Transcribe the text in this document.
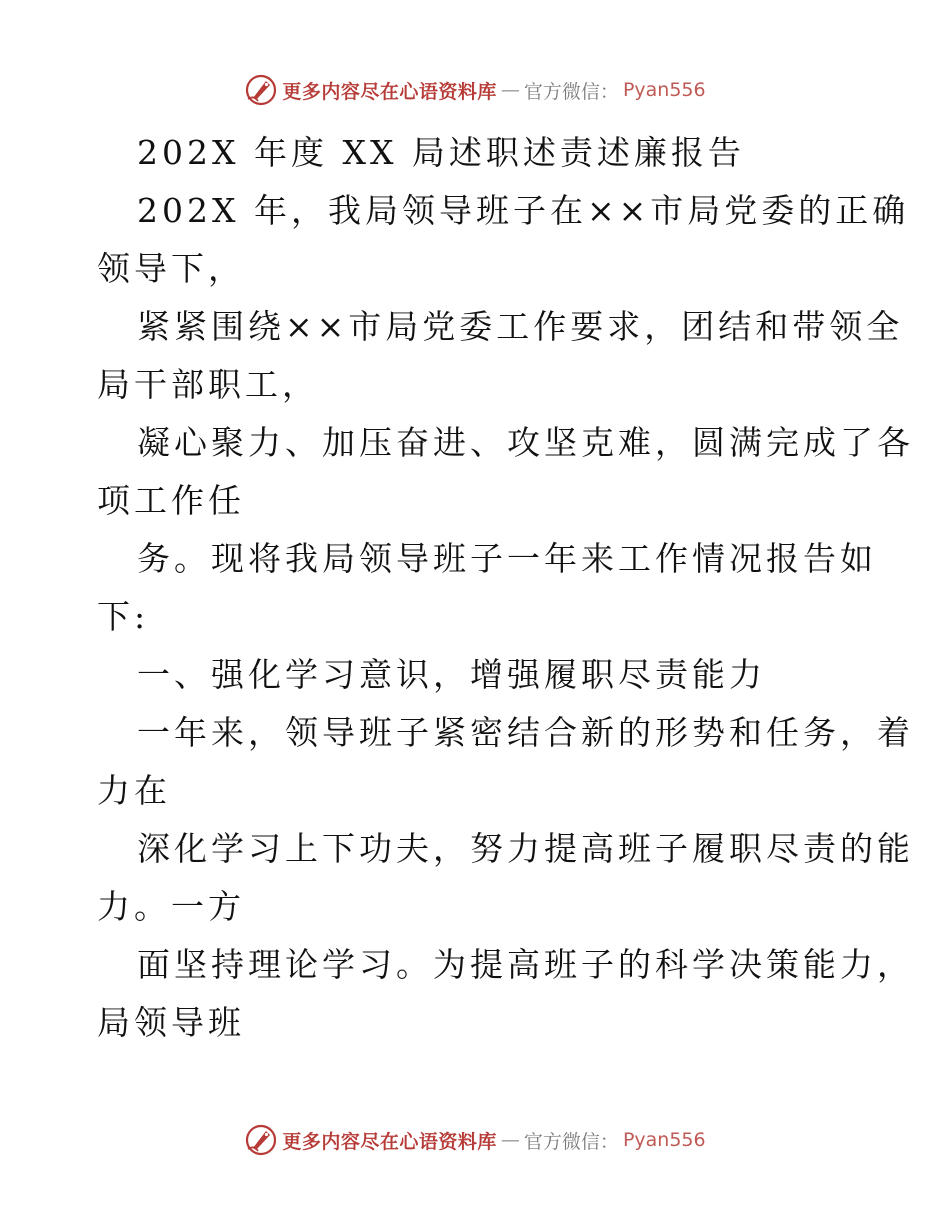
更多内容尽在心语资料库 — 官方微信： Pyan556
202X 年度 XX 局述职述责述廉报告
202X 年，我局领导班子在××市局党委的正确
领导下，
紧紧围绕××市局党委工作要求，团结和带领全
局干部职工，
凝心聚力、加压奋进、攻坚克难，圆满完成了各
项工作任
务。现将我局领导班子一年来工作情况报告如
下:
一、强化学习意识，增强履职尽责能力
一年来，领导班子紧密结合新的形势和任务，着
力在
深化学习上下功夫，努力提高班子履职尽责的能
力。一方
面坚持理论学习。为提高班子的科学决策能力，
局领导班
更多内容尽在心语资料库 — 官方微信： Pyan556
